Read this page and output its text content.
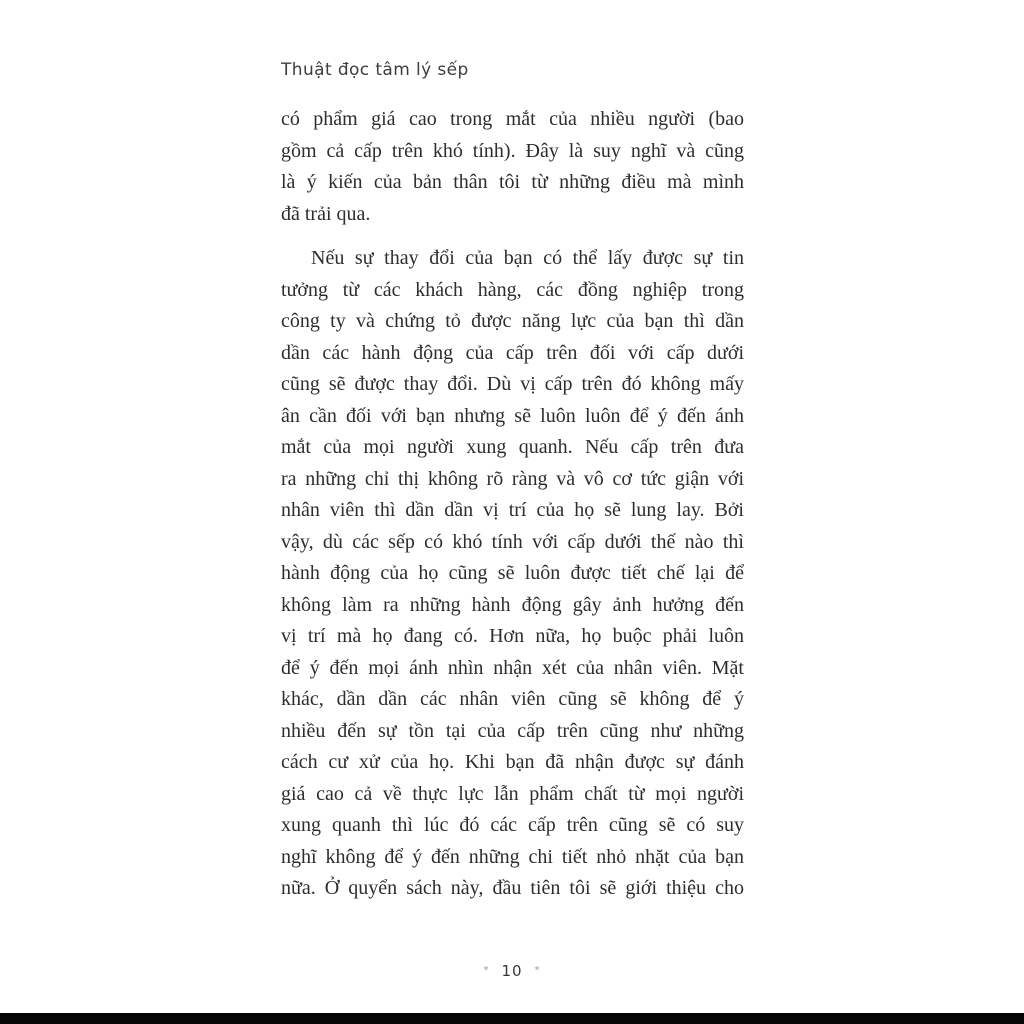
Thuật đọc tâm lý sếp
có phẩm giá cao trong mắt của nhiều người (bao
gồm cả cấp trên khó tính). Đây là suy nghĩ và cũng
là ý kiến của bản thân tôi từ những điều mà mình
đã trải qua.
Nếu sự thay đổi của bạn có thể lấy được sự tin
tưởng từ các khách hàng, các đồng nghiệp trong
công ty và chứng tỏ được năng lực của bạn thì dần
dần các hành động của cấp trên đối với cấp dưới
cũng sẽ được thay đổi. Dù vị cấp trên đó không mấy
ân cần đối với bạn nhưng sẽ luôn luôn để ý đến ánh
mắt của mọi người xung quanh. Nếu cấp trên đưa
ra những chỉ thị không rõ ràng và vô cơ tức giận với
nhân viên thì dần dần vị trí của họ sẽ lung lay. Bởi
vậy, dù các sếp có khó tính với cấp dưới thế nào thì
hành động của họ cũng sẽ luôn được tiết chế lại để
không làm ra những hành động gây ảnh hưởng đến
vị trí mà họ đang có. Hơn nữa, họ buộc phải luôn
để ý đến mọi ánh nhìn nhận xét của nhân viên. Mặt
khác, dần dần các nhân viên cũng sẽ không để ý
nhiều đến sự tồn tại của cấp trên cũng như những
cách cư xử của họ. Khi bạn đã nhận được sự đánh
giá cao cả về thực lực lẫn phẩm chất từ mọi người
xung quanh thì lúc đó các cấp trên cũng sẽ có suy
nghĩ không để ý đến những chi tiết nhỏ nhặt của bạn
nữa. Ở quyển sách này, đầu tiên tôi sẽ giới thiệu cho
* 10 *
